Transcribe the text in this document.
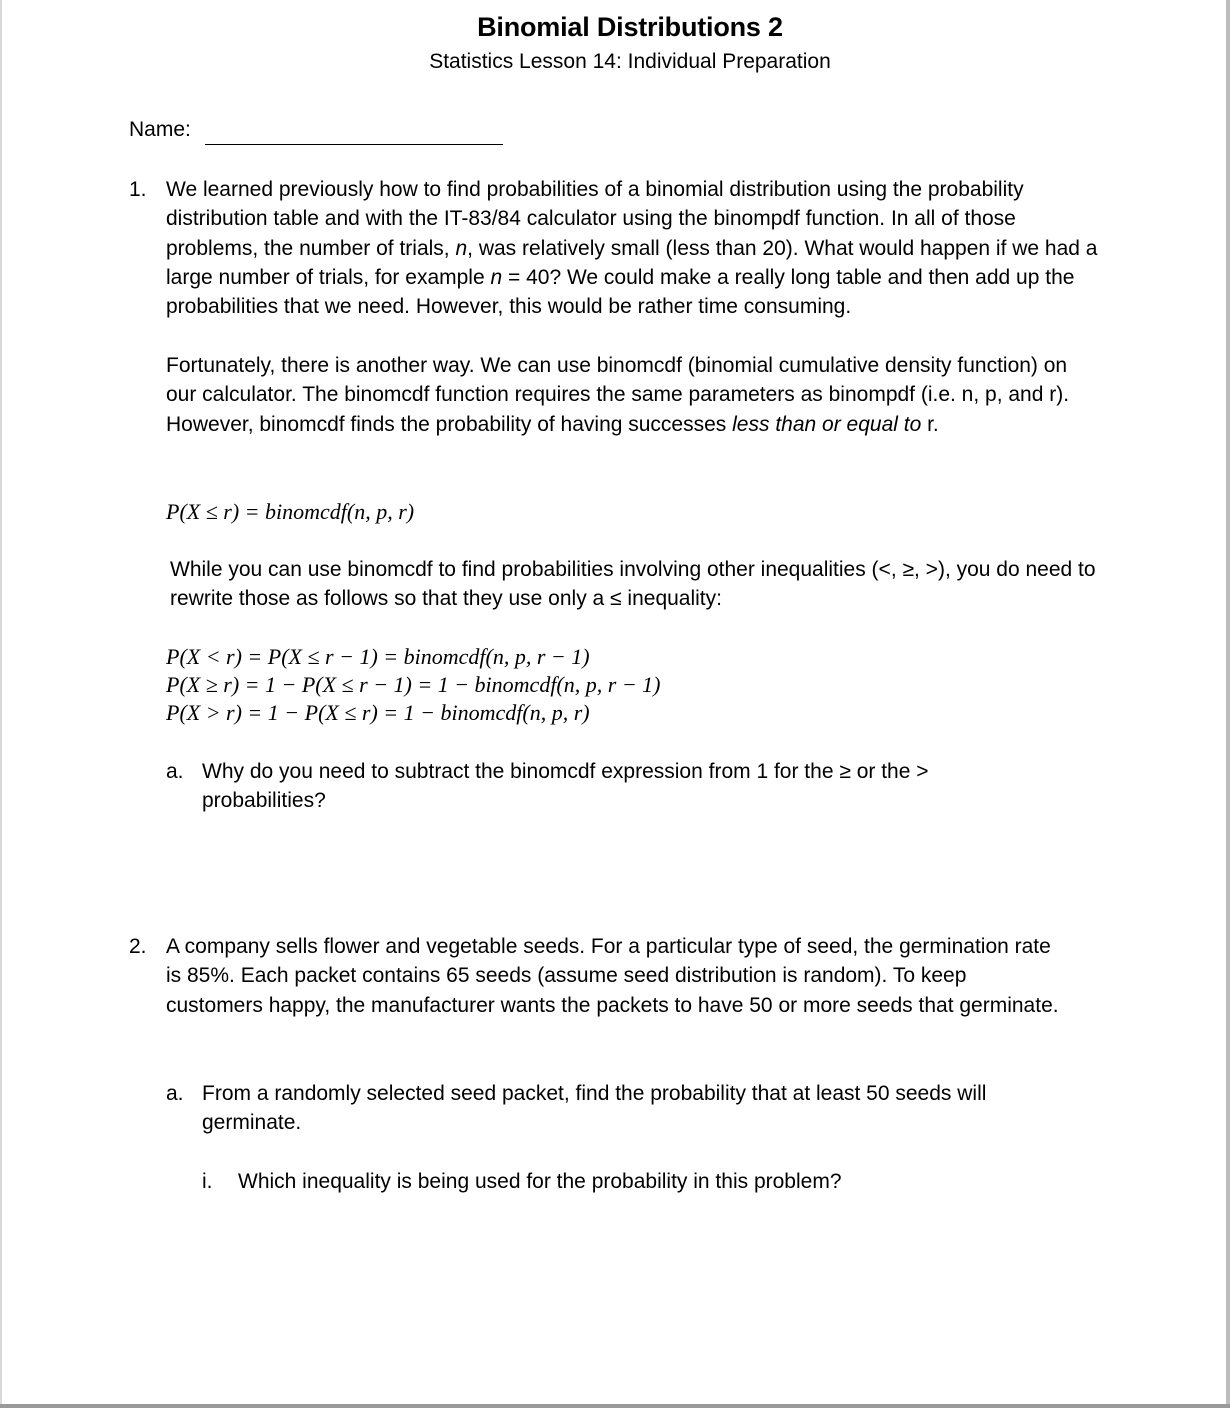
Binomial Distributions 2
Statistics Lesson 14: Individual Preparation
Name:
1. We learned previously how to find probabilities of a binomial distribution using the probability distribution table and with the IT-83/84 calculator using the binompdf function. In all of those problems, the number of trials, n, was relatively small (less than 20). What would happen if we had a large number of trials, for example n = 40? We could make a really long table and then add up the probabilities that we need. However, this would be rather time consuming.
Fortunately, there is another way. We can use binomcdf (binomial cumulative density function) on our calculator. The binomcdf function requires the same parameters as binompdf (i.e. n, p, and r). However, binomcdf finds the probability of having successes less than or equal to r.
P(X ≤ r) = binomcdf(n, p, r)
While you can use binomcdf to find probabilities involving other inequalities (<, ≥, >), you do need to rewrite those as follows so that they use only a ≤ inequality:
P(X < r) = P(X ≤ r − 1) = binomcdf(n, p, r − 1)
P(X ≥ r) = 1 − P(X ≤ r − 1) = 1 − binomcdf(n, p, r − 1)
P(X > r) = 1 − P(X ≤ r) = 1 − binomcdf(n, p, r)
a. Why do you need to subtract the binomcdf expression from 1 for the ≥ or the > probabilities?
2. A company sells flower and vegetable seeds. For a particular type of seed, the germination rate is 85%. Each packet contains 65 seeds (assume seed distribution is random). To keep customers happy, the manufacturer wants the packets to have 50 or more seeds that germinate.
a. From a randomly selected seed packet, find the probability that at least 50 seeds will germinate.
i. Which inequality is being used for the probability in this problem?
